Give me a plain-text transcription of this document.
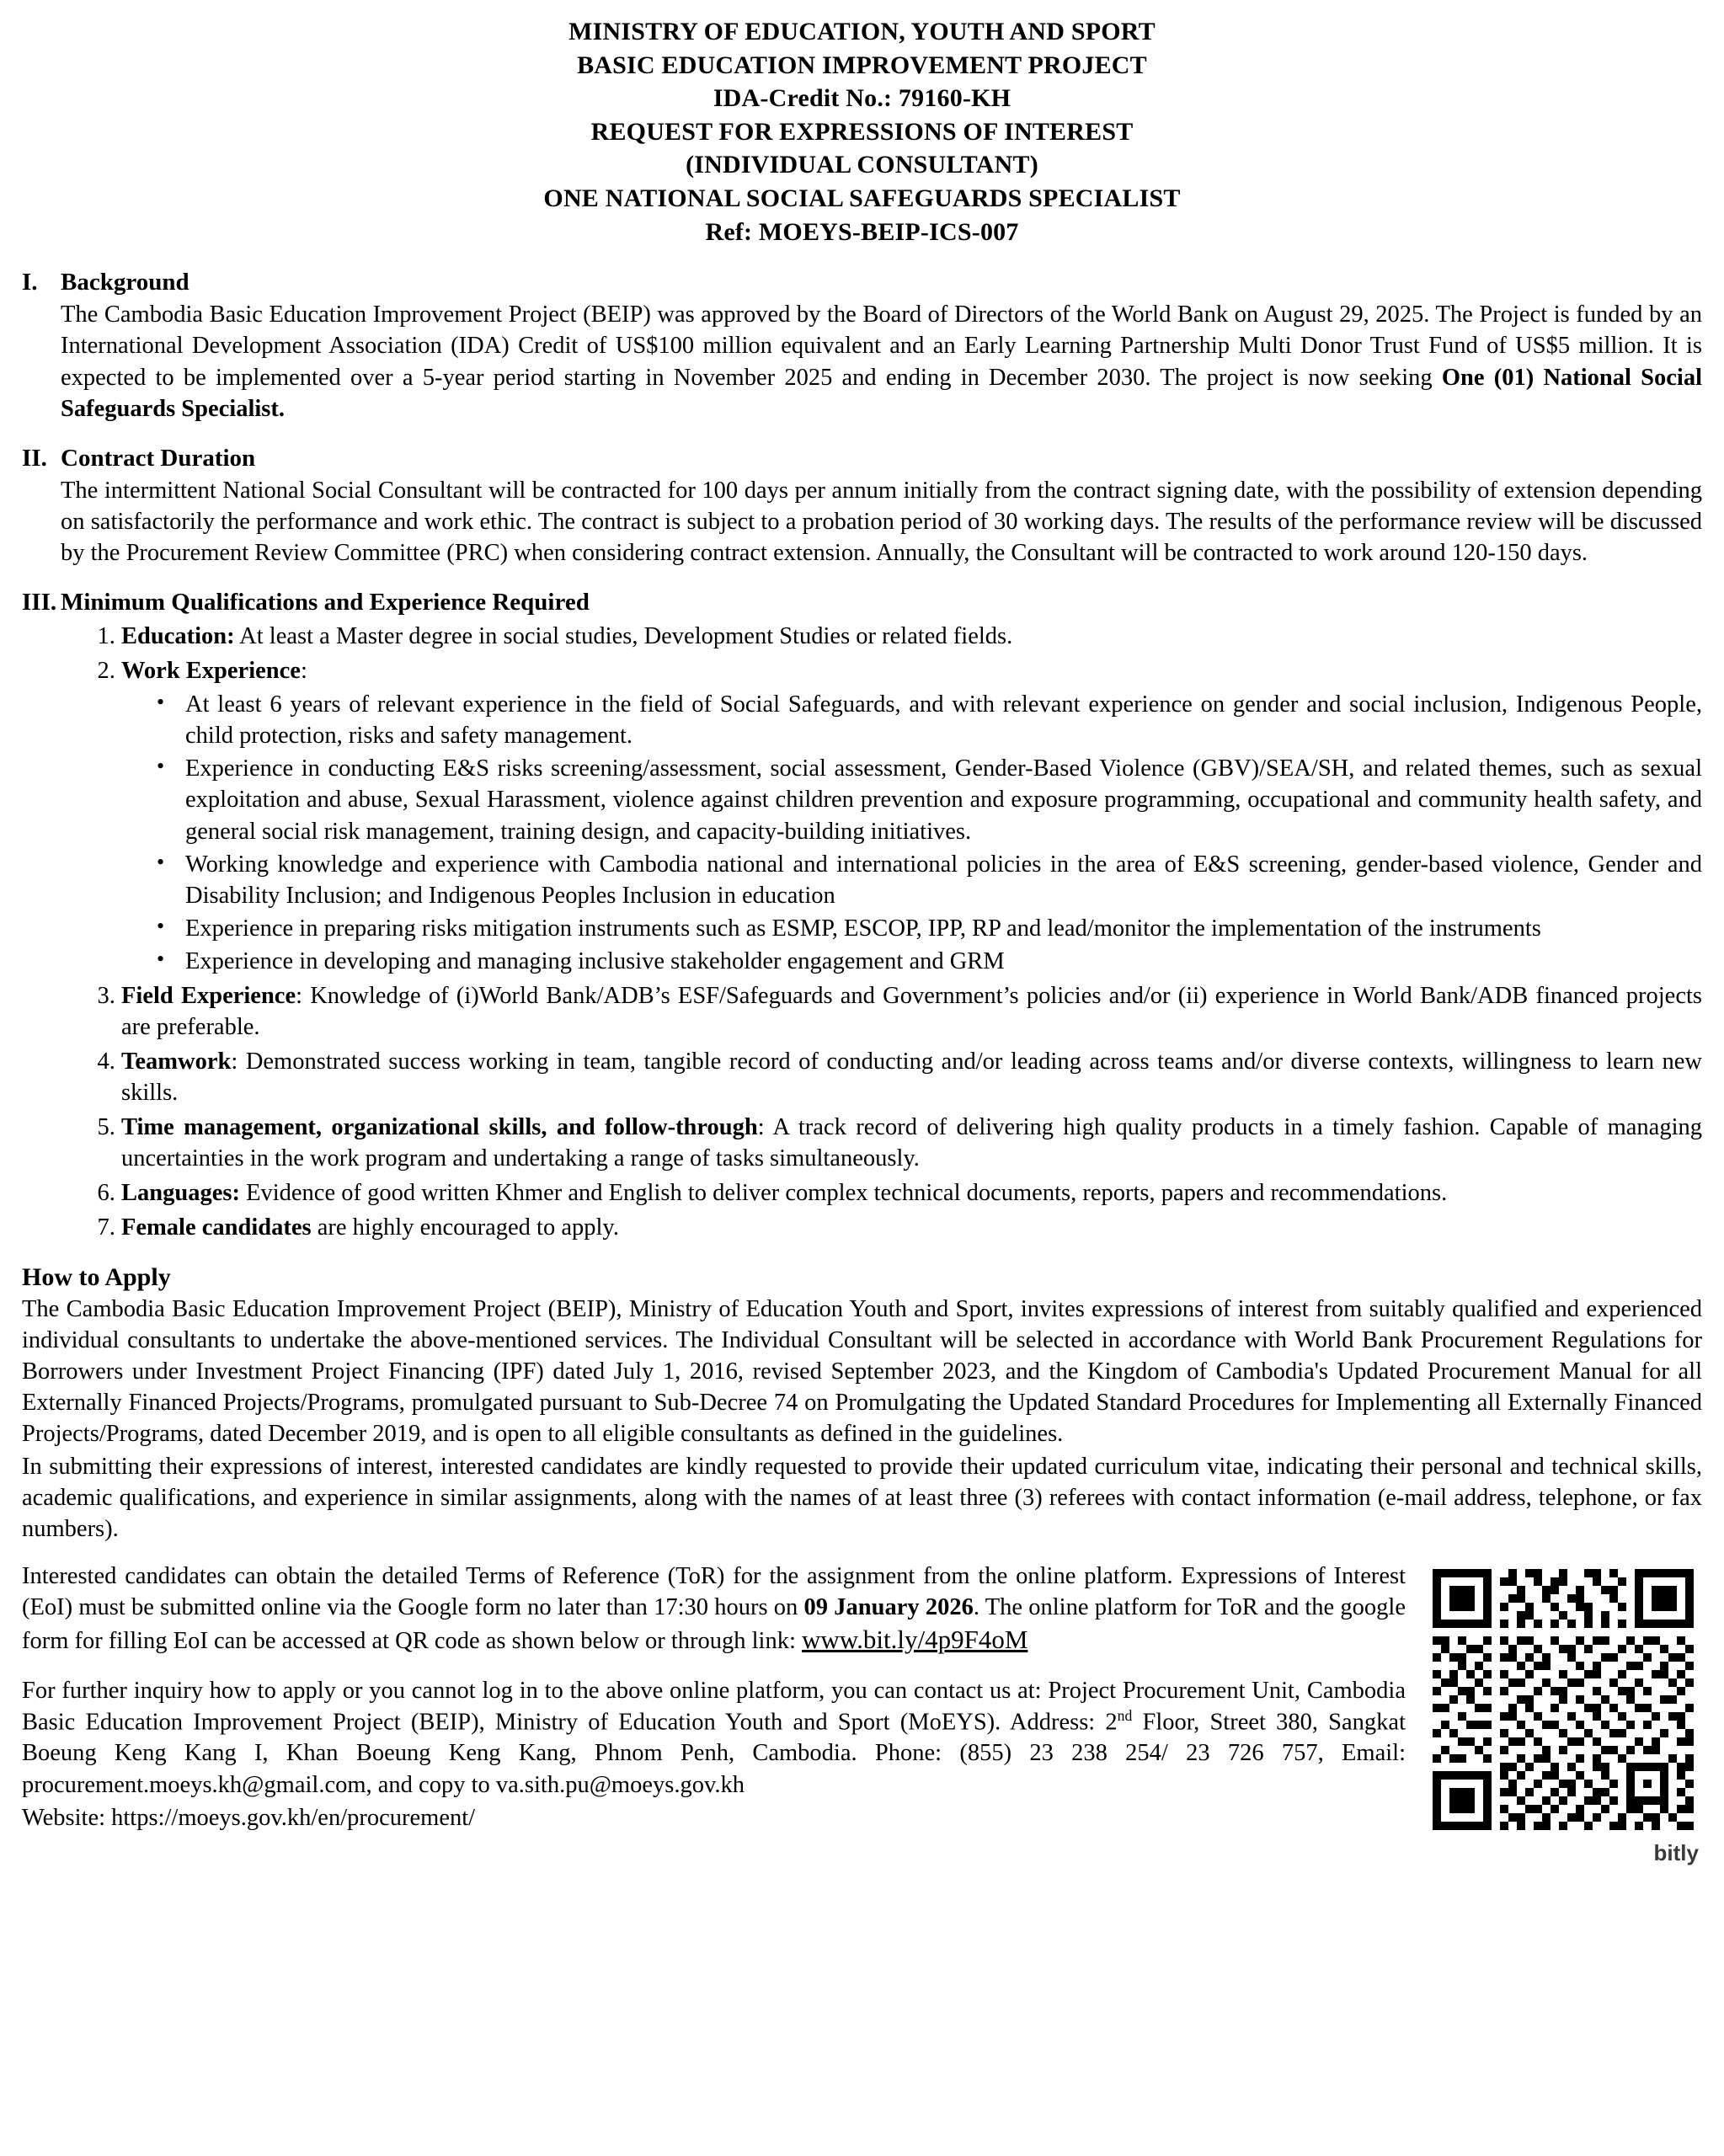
MINISTRY OF EDUCATION, YOUTH AND SPORT
BASIC EDUCATION IMPROVEMENT PROJECT
IDA-Credit No.: 79160-KH
REQUEST FOR EXPRESSIONS OF INTEREST
(INDIVIDUAL CONSULTANT)
ONE NATIONAL SOCIAL SAFEGUARDS SPECIALIST
Ref: MOEYS-BEIP-ICS-007
I. Background
The Cambodia Basic Education Improvement Project (BEIP) was approved by the Board of Directors of the World Bank on August 29, 2025. The Project is funded by an International Development Association (IDA) Credit of US$100 million equivalent and an Early Learning Partnership Multi Donor Trust Fund of US$5 million. It is expected to be implemented over a 5-year period starting in November 2025 and ending in December 2030. The project is now seeking One (01) National Social Safeguards Specialist.
II. Contract Duration
The intermittent National Social Consultant will be contracted for 100 days per annum initially from the contract signing date, with the possibility of extension depending on satisfactorily the performance and work ethic. The contract is subject to a probation period of 30 working days. The results of the performance review will be discussed by the Procurement Review Committee (PRC) when considering contract extension. Annually, the Consultant will be contracted to work around 120-150 days.
III. Minimum Qualifications and Experience Required
1. Education: At least a Master degree in social studies, Development Studies or related fields.
2. Work Experience:
• At least 6 years of relevant experience in the field of Social Safeguards, and with relevant experience on gender and social inclusion, Indigenous People, child protection, risks and safety management.
• Experience in conducting E&S risks screening/assessment, social assessment, Gender-Based Violence (GBV)/SEA/SH, and related themes, such as sexual exploitation and abuse, Sexual Harassment, violence against children prevention and exposure programming, occupational and community health safety, and general social risk management, training design, and capacity-building initiatives.
• Working knowledge and experience with Cambodia national and international policies in the area of E&S screening, gender-based violence, Gender and Disability Inclusion; and Indigenous Peoples Inclusion in education
• Experience in preparing risks mitigation instruments such as ESMP, ESCOP, IPP, RP and lead/monitor the implementation of the instruments
• Experience in developing and managing inclusive stakeholder engagement and GRM
3. Field Experience: Knowledge of (i)World Bank/ADB’s ESF/Safeguards and Government’s policies and/or (ii) experience in World Bank/ADB financed projects are preferable.
4. Teamwork: Demonstrated success working in team, tangible record of conducting and/or leading across teams and/or diverse contexts, willingness to learn new skills.
5. Time management, organizational skills, and follow-through: A track record of delivering high quality products in a timely fashion. Capable of managing uncertainties in the work program and undertaking a range of tasks simultaneously.
6. Languages: Evidence of good written Khmer and English to deliver complex technical documents, reports, papers and recommendations.
7. Female candidates are highly encouraged to apply.
How to Apply
The Cambodia Basic Education Improvement Project (BEIP), Ministry of Education Youth and Sport, invites expressions of interest from suitably qualified and experienced individual consultants to undertake the above-mentioned services. The Individual Consultant will be selected in accordance with World Bank Procurement Regulations for Borrowers under Investment Project Financing (IPF) dated July 1, 2016, revised September 2023, and the Kingdom of Cambodia's Updated Procurement Manual for all Externally Financed Projects/Programs, promulgated pursuant to Sub-Decree 74 on Promulgating the Updated Standard Procedures for Implementing all Externally Financed Projects/Programs, dated December 2019, and is open to all eligible consultants as defined in the guidelines.
In submitting their expressions of interest, interested candidates are kindly requested to provide their updated curriculum vitae, indicating their personal and technical skills, academic qualifications, and experience in similar assignments, along with the names of at least three (3) referees with contact information (e-mail address, telephone, or fax numbers).
bitly
Interested candidates can obtain the detailed Terms of Reference (ToR) for the assignment from the online platform. Expressions of Interest (EoI) must be submitted online via the Google form no later than 17:30 hours on 09 January 2026. The online platform for ToR and the google form for filling EoI can be accessed at QR code as shown below or through link: www.bit.ly/4p9F4oM
For further inquiry how to apply or you cannot log in to the above online platform, you can contact us at: Project Procurement Unit, Cambodia Basic Education Improvement Project (BEIP), Ministry of Education Youth and Sport (MoEYS). Address: 2nd Floor, Street 380, Sangkat Boeung Keng Kang I, Khan Boeung Keng Kang, Phnom Penh, Cambodia. Phone: (855) 23 238 254/ 23 726 757, Email: procurement.moeys.kh@gmail.com, and copy to va.sith.pu@moeys.gov.kh
Website: https://moeys.gov.kh/en/procurement/
